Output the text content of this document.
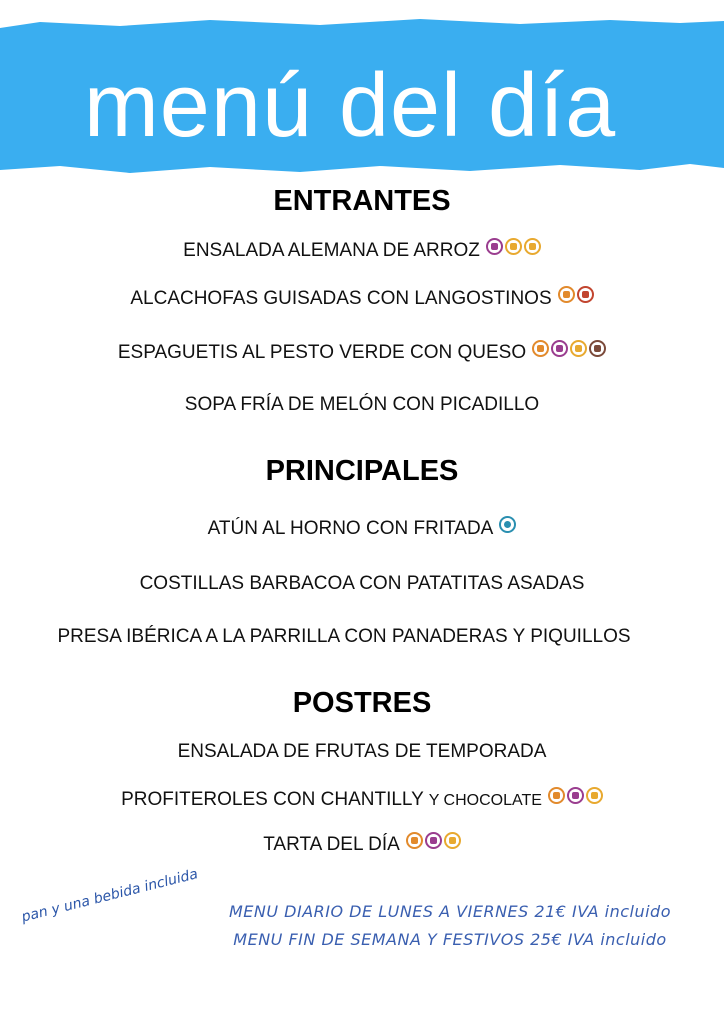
menú del día
ENTRANTES
ENSALADA ALEMANA DE ARROZ
ALCACHOFAS GUISADAS CON LANGOSTINOS
ESPAGUETIS AL PESTO VERDE CON QUESO
SOPA FRÍA DE MELÓN CON PICADILLO
PRINCIPALES
ATÚN AL HORNO CON FRITADA
COSTILLAS BARBACOA CON PATATITAS ASADAS
PRESA IBÉRICA A LA PARRILLA CON PANADERAS Y PIQUILLOS
POSTRES
ENSALADA DE FRUTAS DE TEMPORADA
PROFITEROLES CON CHANTILLY Y CHOCOLATE
TARTA DEL DÍA
pan y una bebida incluida	MENU DIARIO DE LUNES A VIERNES 21€ IVA incluido
MENU FIN DE SEMANA Y FESTIVOS 25€ IVA incluido
